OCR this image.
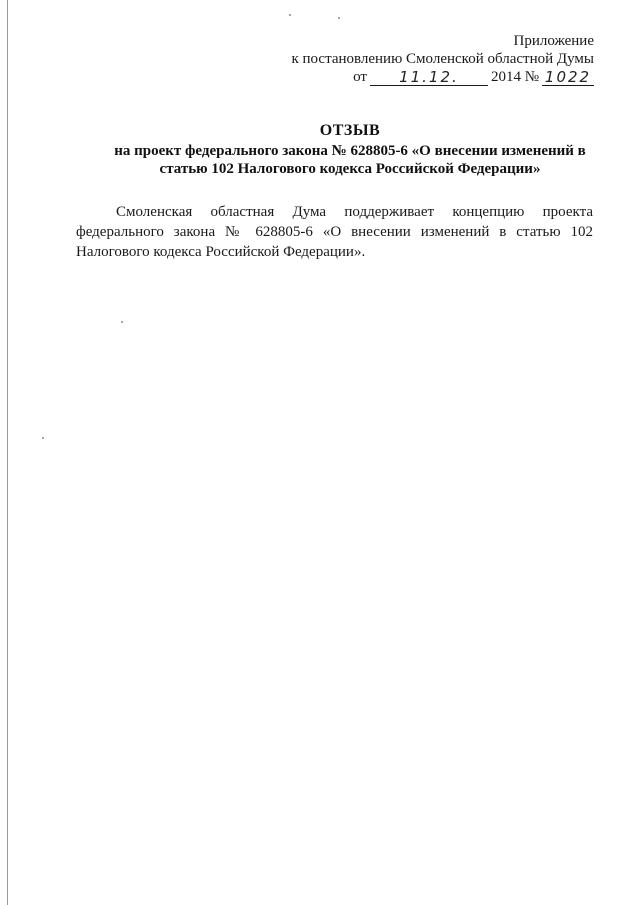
Приложение
к постановлению Смоленской областной Думы
от	11.12.	2014 № 1022
ОТЗЫВ
на проект федерального закона № 628805-6 «О внесении изменений в статью 102 Налогового кодекса Российской Федерации»

Смоленская областная Дума поддерживает концепцию проекта федерального закона № 628805-6 «О внесении изменений в статью 102 Налогового кодекса Российской Федерации».
